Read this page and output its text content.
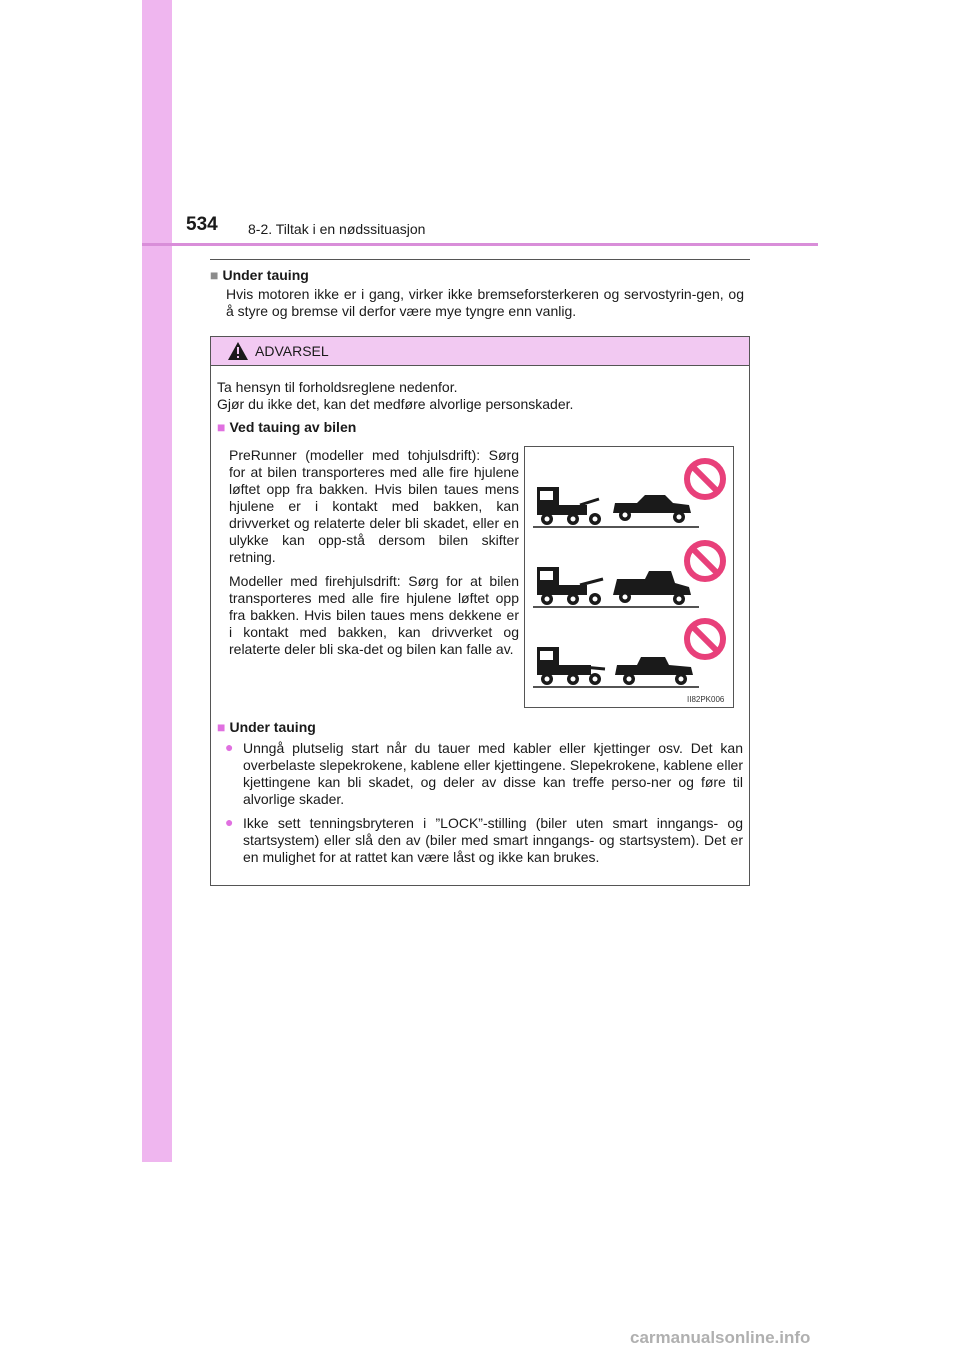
534 8-2. Tiltak i en nødssituasjon
■ Under tauing
Hvis motoren ikke er i gang, virker ikke bremseforsterkeren og servostyrin-gen, og å styre og bremse vil derfor være mye tyngre enn vanlig.
ADVARSEL
Ta hensyn til forholdsreglene nedenfor.
Gjør du ikke det, kan det medføre alvorlige personskader.
■ Ved tauing av bilen
PreRunner (modeller med tohjulsdrift): Sørg for at bilen transporteres med alle fire hjulene løftet opp fra bakken. Hvis bilen taues mens hjulene er i kontakt med bakken, kan drivverket og relaterte deler bli skadet, eller en ulykke kan opp-stå dersom bilen skifter retning.
Modeller med firehjulsdrift: Sørg for at bilen transporteres med alle fire hjulene løftet opp fra bakken. Hvis bilen taues mens dekkene er i kontakt med bakken, kan drivverket og relaterte deler bli ska-det og bilen kan falle av.
■ Under tauing
● Unngå plutselig start når du tauer med kabler eller kjettinger osv. Det kan overbelaste slepekrokene, kablene eller kjettingene. Slepekrokene, kablene eller kjettingene kan bli skadet, og deler av disse kan treffe perso-ner og føre til alvorlige skader.
● Ikke sett tenningsbryteren i ”LOCK”-stilling (biler uten smart inngangs- og startsystem) eller slå den av (biler med smart inngangs- og startsystem). Det er en mulighet for at rattet kan være låst og ikke kan brukes.
II82PK006
carmanualsonline.info
